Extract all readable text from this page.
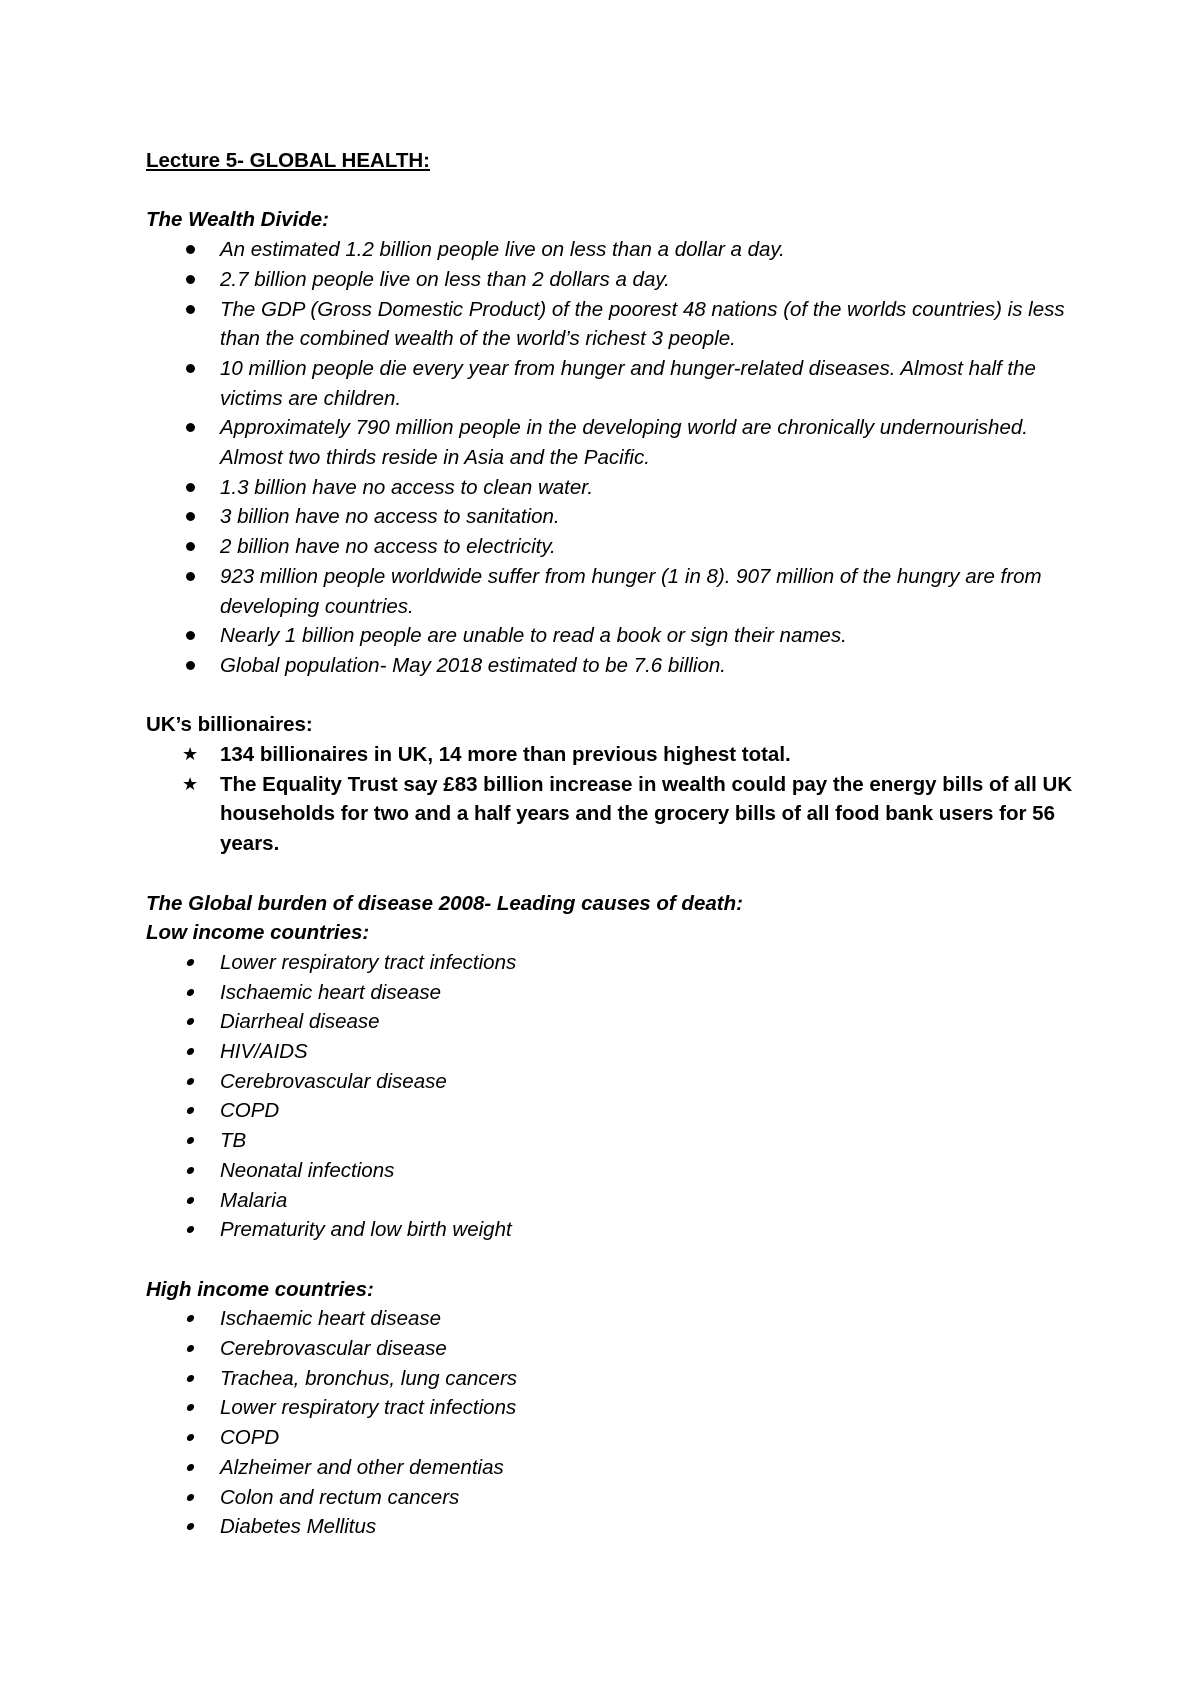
Lecture 5- GLOBAL HEALTH:
The Wealth Divide:
An estimated 1.2 billion people live on less than a dollar a day.
2.7 billion people live on less than 2 dollars a day.
The GDP (Gross Domestic Product) of the poorest 48 nations (of the worlds countries) is less than the combined wealth of the world’s richest 3 people.
10 million people die every year from hunger and hunger-related diseases. Almost half the victims are children.
Approximately 790 million people in the developing world are chronically undernourished. Almost two thirds reside in Asia and the Pacific.
1.3 billion have no access to clean water.
3 billion have no access to sanitation.
2 billion have no access to electricity.
923 million people worldwide suffer from hunger (1 in 8). 907 million of the hungry are from developing countries.
Nearly 1 billion people are unable to read a book or sign their names.
Global population- May 2018 estimated to be 7.6 billion.
UK’s billionaires:
★ 134 billionaires in UK, 14 more than previous highest total.
★ The Equality Trust say £83 billion increase in wealth could pay the energy bills of all UK households for two and a half years and the grocery bills of all food bank users for 56 years.
The Global burden of disease 2008- Leading causes of death:
Low income countries:
Lower respiratory tract infections
Ischaemic heart disease
Diarrheal disease
HIV/AIDS
Cerebrovascular disease
COPD
TB
Neonatal infections
Malaria
Prematurity and low birth weight
High income countries:
Ischaemic heart disease
Cerebrovascular disease
Trachea, bronchus, lung cancers
Lower respiratory tract infections
COPD
Alzheimer and other dementias
Colon and rectum cancers
Diabetes Mellitus
